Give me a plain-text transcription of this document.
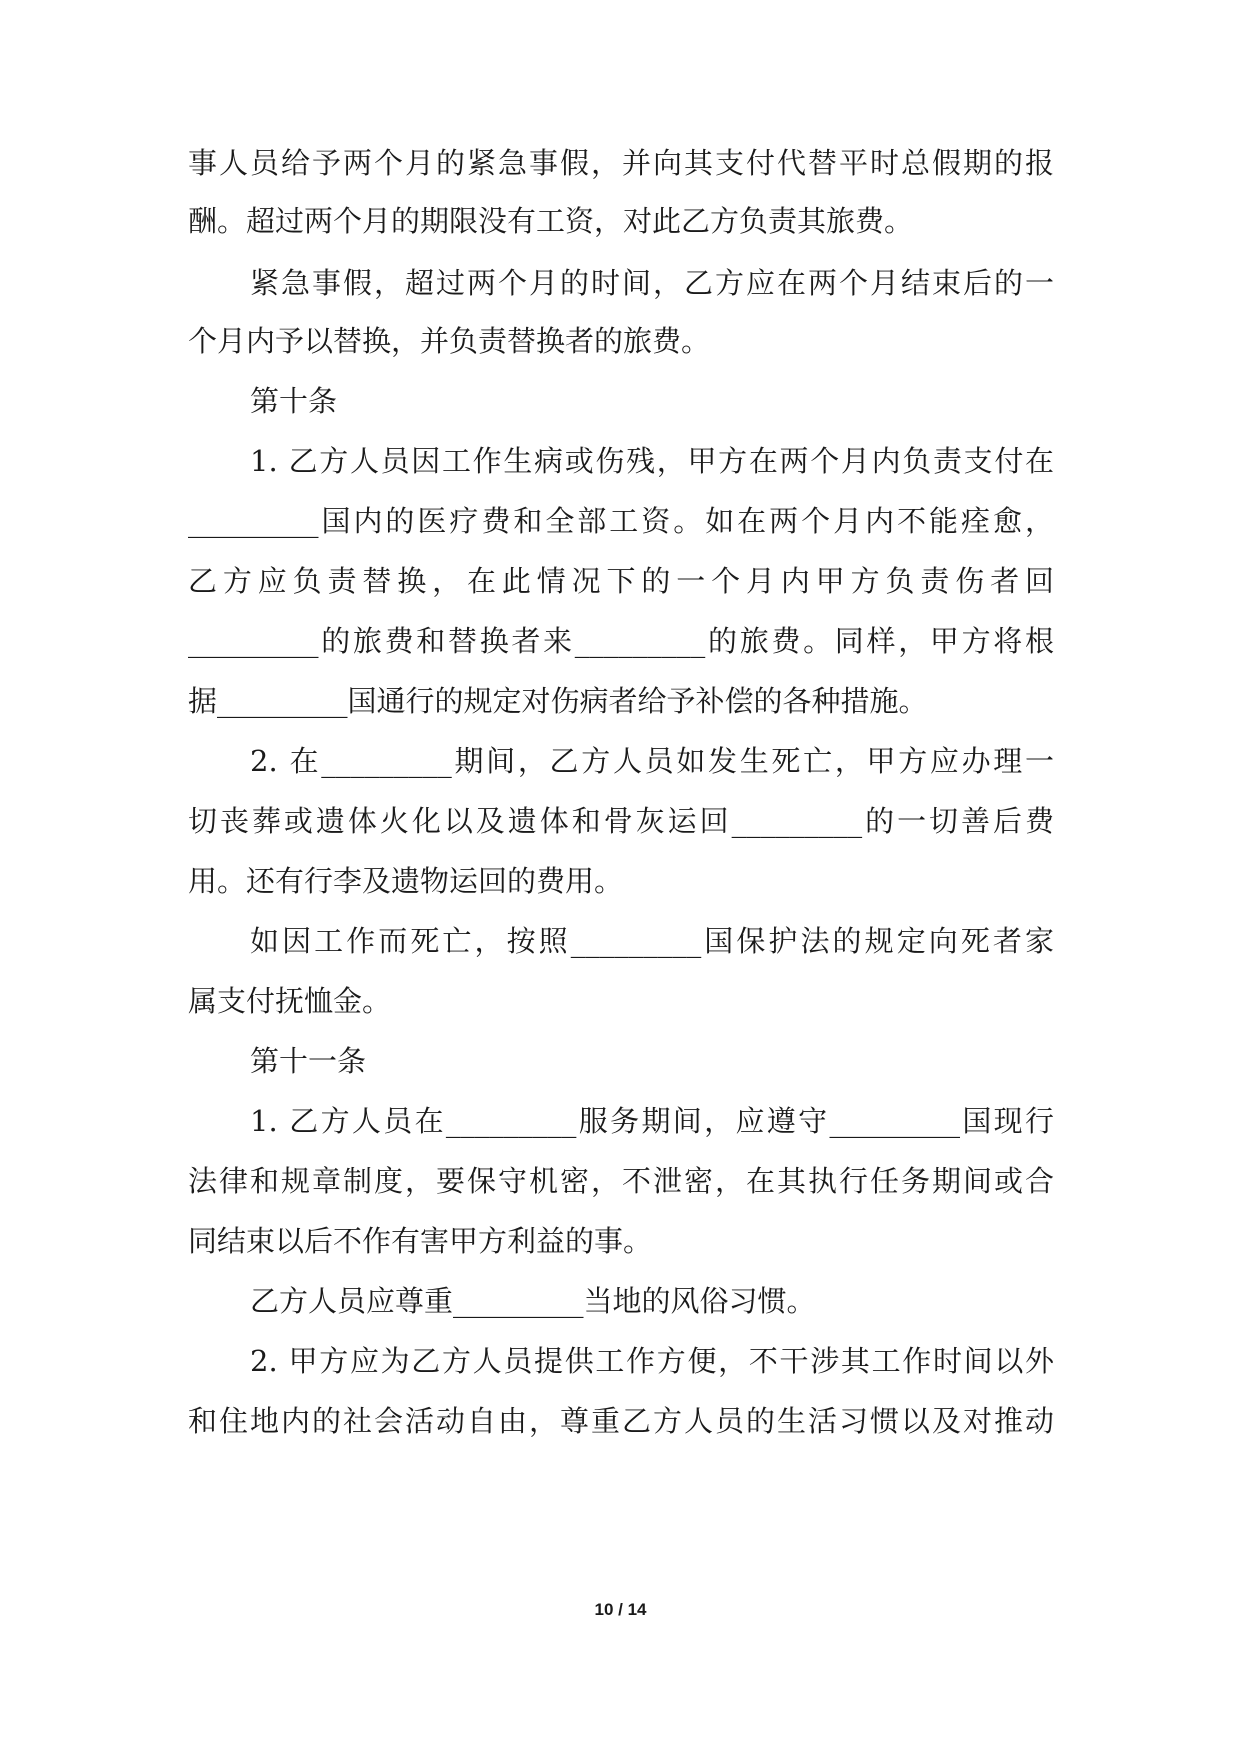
事人员给予两个月的紧急事假，并向其支付代替平时总假期的报
酬。超过两个月的期限没有工资，对此乙方负责其旅费。
紧急事假，超过两个月的时间，乙方应在两个月结束后的一
个月内予以替换，并负责替换者的旅费。
第十条
1. 乙方人员因工作生病或伤残，甲方在两个月内负责支付在
_________国内的医疗费和全部工资。如在两个月内不能痊愈，
乙方应负责替换，在此情况下的一个月内甲方负责伤者回
_________的旅费和替换者来_________的旅费。同样，甲方将根
据_________国通行的规定对伤病者给予补偿的各种措施。
2. 在_________期间，乙方人员如发生死亡，甲方应办理一
切丧葬或遗体火化以及遗体和骨灰运回_________的一切善后费
用。还有行李及遗物运回的费用。
如因工作而死亡，按照_________国保护法的规定向死者家
属支付抚恤金。
第十一条
1. 乙方人员在_________服务期间，应遵守_________国现行
法律和规章制度，要保守机密，不泄密，在其执行任务期间或合
同结束以后不作有害甲方利益的事。
乙方人员应尊重_________当地的风俗习惯。
2. 甲方应为乙方人员提供工作方便，不干涉其工作时间以外
和住地内的社会活动自由，尊重乙方人员的生活习惯以及对推动
10 / 14
